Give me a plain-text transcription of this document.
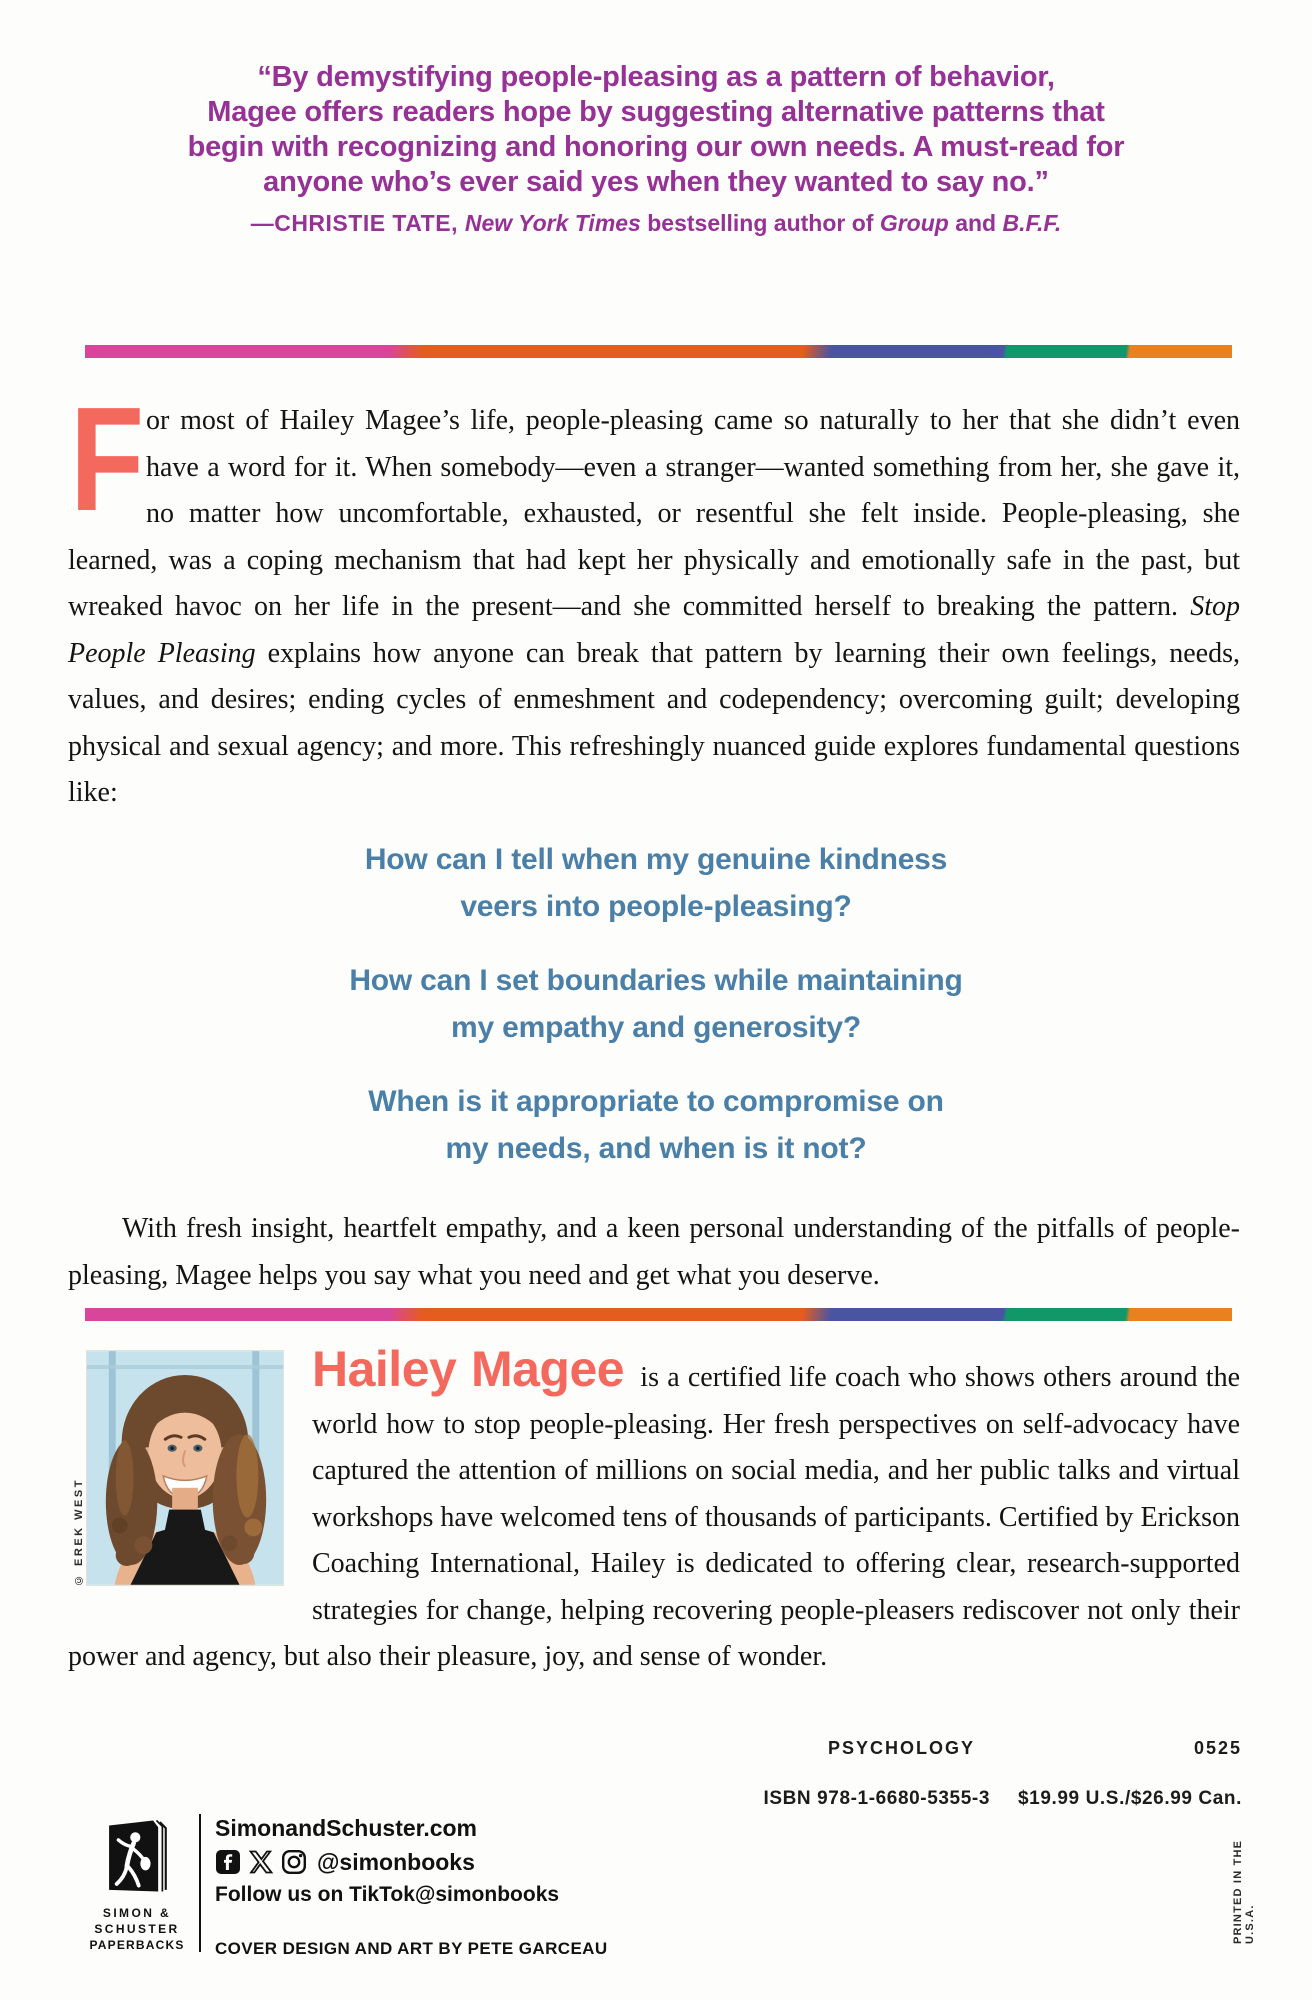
“By demystifying people-pleasing as a pattern of behavior,
Magee offers readers hope by suggesting alternative patterns that
begin with recognizing and honoring our own needs. A must-read for
anyone who’s ever said yes when they wanted to say no.”
—CHRISTIE TATE, New York Times bestselling author of Group and B.F.F.
For most of Hailey Magee’s life, people-pleasing came so naturally to her that she didn’t even have a word for it. When somebody—even a stranger—wanted something from her, she gave it, no matter how uncomfortable, exhausted, or resentful she felt inside. People-pleasing, she learned, was a coping mechanism that had kept her physically and emotionally safe in the past, but wreaked havoc on her life in the present—and she committed herself to breaking the pattern. Stop People Pleasing explains how anyone can break that pattern by learning their own feelings, needs, values, and desires; ending cycles of enmeshment and codependency; overcoming guilt; developing physical and sexual agency; and more. This refreshingly nuanced guide explores fundamental questions like:
How can I tell when my genuine kindness
veers into people-pleasing?
How can I set boundaries while maintaining
my empathy and generosity?
When is it appropriate to compromise on
my needs, and when is it not?
With fresh insight, heartfelt empathy, and a keen personal understanding of the pitfalls of people-pleasing, Magee helps you say what you need and get what you deserve.
© EREK WEST
Hailey Magee is a certified life coach who shows others around the world how to stop people-pleasing. Her fresh perspectives on self-advocacy have captured the attention of millions on social media, and her public talks and virtual workshops have welcomed tens of thousands of participants. Certified by Erickson Coaching International, Hailey is dedicated to offering clear, research-supported strategies for change, helping recovering people-pleasers rediscover not only their power and agency, but also their pleasure, joy, and sense of wonder.
PSYCHOLOGY	0525
ISBN 978-1-6680-5355-3 $19.99 U.S./$26.99 Can.
PRINTED IN THE U.S.A.
SIMON &
SCHUSTER
PAPERBACKS
SimonandSchuster.com
@simonbooks
Follow us on TikTok@simonbooks
COVER DESIGN AND ART BY PETE GARCEAU
